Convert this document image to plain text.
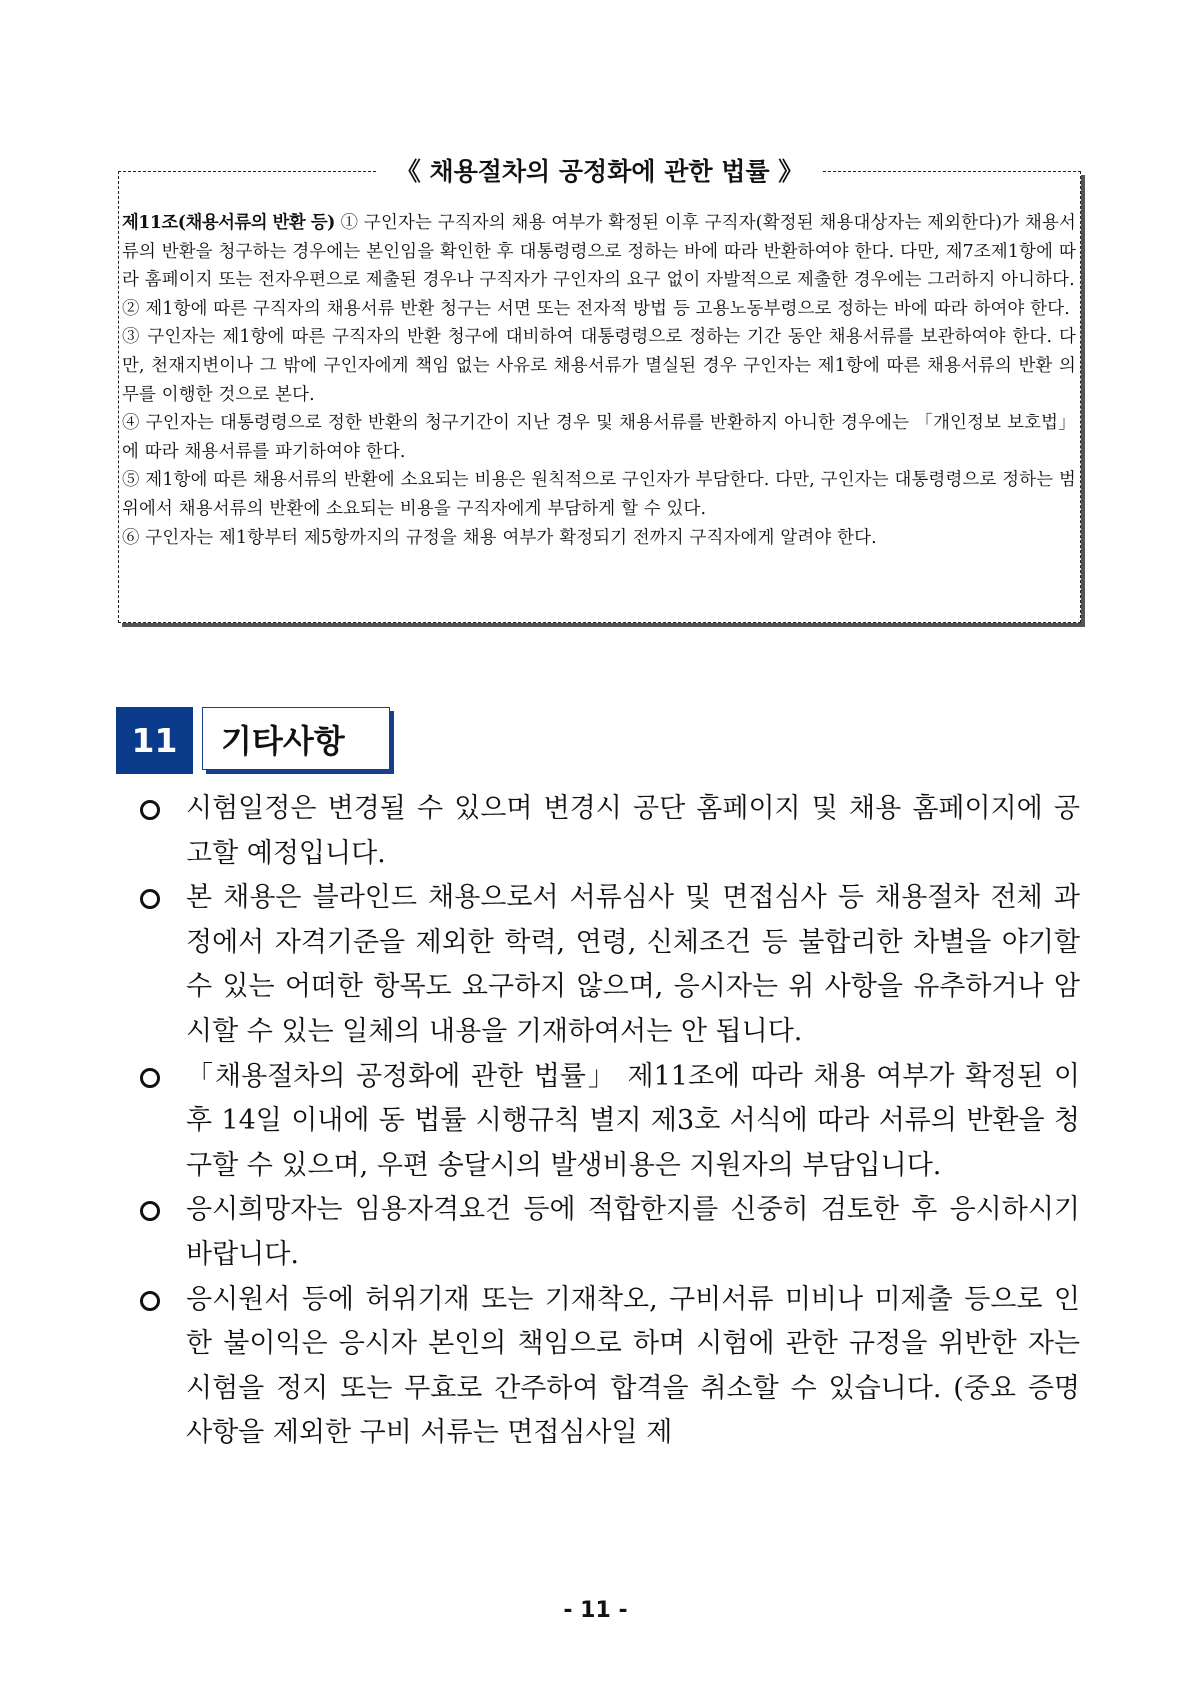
《 채용절차의 공정화에 관한 법률 》

제11조(채용서류의 반환 등) ① 구인자는 구직자의 채용 여부가 확정된 이후 구직자(확정된 채용대상자는 제외한다)가 채용서류의 반환을 청구하는 경우에는 본인임을 확인한 후 대통령령으로 정하는 바에 따라 반환하여야 한다. 다만, 제7조제1항에 따라 홈페이지 또는 전자우편으로 제출된 경우나 구직자가 구인자의 요구 없이 자발적으로 제출한 경우에는 그러하지 아니하다.

② 제1항에 따른 구직자의 채용서류 반환 청구는 서면 또는 전자적 방법 등 고용노동부령으로 정하는 바에 따라 하여야 한다.

③ 구인자는 제1항에 따른 구직자의 반환 청구에 대비하여 대통령령으로 정하는 기간 동안 채용서류를 보관하여야 한다. 다만, 천재지변이나 그 밖에 구인자에게 책임 없는 사유로 채용서류가 멸실된 경우 구인자는 제1항에 따른 채용서류의 반환 의무를 이행한 것으로 본다.

④ 구인자는 대통령령으로 정한 반환의 청구기간이 지난 경우 및 채용서류를 반환하지 아니한 경우에는 「개인정보 보호법」에 따라 채용서류를 파기하여야 한다.

⑤ 제1항에 따른 채용서류의 반환에 소요되는 비용은 원칙적으로 구인자가 부담한다. 다만, 구인자는 대통령령으로 정하는 범위에서 채용서류의 반환에 소요되는 비용을 구직자에게 부담하게 할 수 있다.

⑥ 구인자는 제1항부터 제5항까지의 규정을 채용 여부가 확정되기 전까지 구직자에게 알려야 한다.

11	기타사항
시험일정은 변경될 수 있으며 변경시 공단 홈페이지 및 채용 홈페이지에 공고할 예정입니다.
본 채용은 블라인드 채용으로서 서류심사 및 면접심사 등 채용절차 전체 과정에서 자격기준을 제외한 학력, 연령, 신체조건 등 불합리한 차별을 야기할 수 있는 어떠한 항목도 요구하지 않으며, 응시자는 위 사항을 유추하거나 암시할 수 있는 일체의 내용을 기재하여서는 안 됩니다.
「채용절차의 공정화에 관한 법률」 제11조에 따라 채용 여부가 확정된 이후 14일 이내에 동 법률 시행규칙 별지 제3호 서식에 따라 서류의 반환을 청구할 수 있으며, 우편 송달시의 발생비용은 지원자의 부담입니다.
응시희망자는 임용자격요건 등에 적합한지를 신중히 검토한 후 응시하시기 바랍니다.
응시원서 등에 허위기재 또는 기재착오, 구비서류 미비나 미제출 등으로 인한 불이익은 응시자 본인의 책임으로 하며 시험에 관한 규정을 위반한 자는 시험을 정지 또는 무효로 간주하여 합격을 취소할 수 있습니다. (중요 증명 사항을 제외한 구비 서류는 면접심사일 제
- 11 -
